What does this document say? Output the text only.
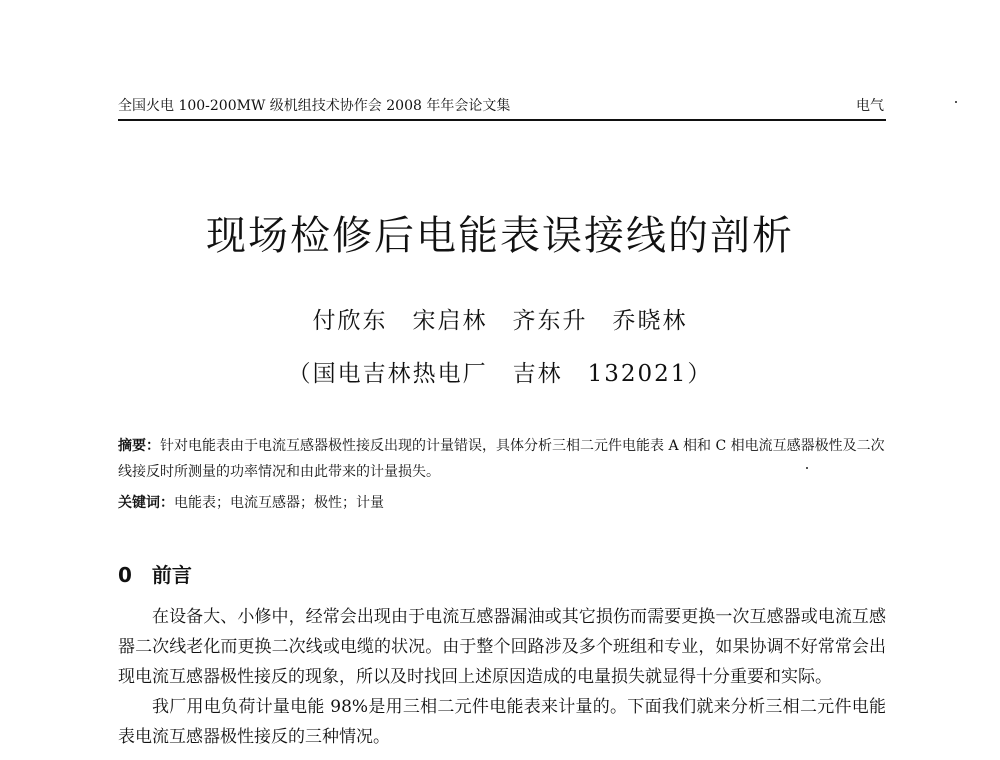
全国火电 100-200MW 级机组技术协作会 2008 年年会论文集	电气
现场检修后电能表误接线的剖析
付欣东　宋启林　齐东升　乔晓林
（国电吉林热电厂　吉林　132021）
摘要：针对电能表由于电流互感器极性接反出现的计量错误，具体分析三相二元件电能表 A 相和 C 相电流互感器极性及二次线接反时所测量的功率情况和由此带来的计量损失。
关键词：电能表；电流互感器；极性；计量
0 前言

在设备大、小修中，经常会出现由于电流互感器漏油或其它损伤而需要更换一次互感器或电流互感器二次线老化而更换二次线或电缆的状况。由于整个回路涉及多个班组和专业，如果协调不好常常会出现电流互感器极性接反的现象，所以及时找回上述原因造成的电量损失就显得十分重要和实际。

我厂用电负荷计量电能 98%是用三相二元件电能表来计量的。下面我们就来分析三相二元件电能表电流互感器极性接反的三种情况。
